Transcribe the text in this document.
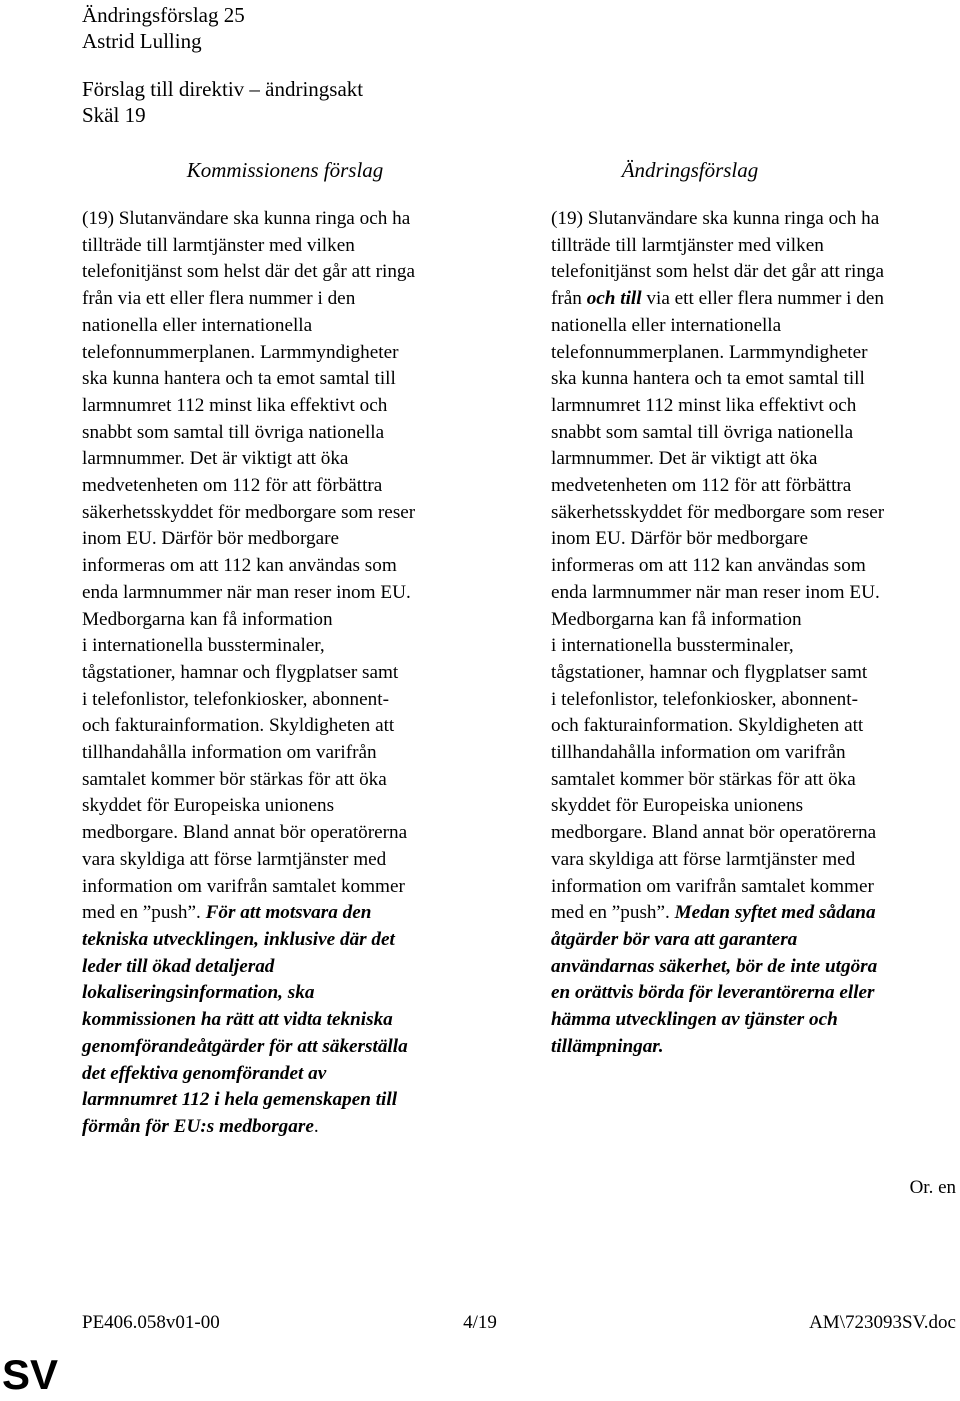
Ändringsförslag 25
Astrid Lulling
Förslag till direktiv – ändringsakt
Skäl 19
Kommissionens förslag	Ändringsförslag
(19) Slutanvändare ska kunna ringa och ha
tillträde till larmtjänster med vilken
telefonitjänst som helst där det går att ringa
från via ett eller flera nummer i den
nationella eller internationella
telefonnummerplanen. Larmmyndigheter
ska kunna hantera och ta emot samtal till
larmnumret 112 minst lika effektivt och
snabbt som samtal till övriga nationella
larmnummer. Det är viktigt att öka
medvetenheten om 112 för att förbättra
säkerhetsskyddet för medborgare som reser
inom EU. Därför bör medborgare
informeras om att 112 kan användas som
enda larmnummer när man reser inom EU.
Medborgarna kan få information
i internationella bussterminaler,
tågstationer, hamnar och flygplatser samt
i telefonlistor, telefonkiosker, abonnent-
och fakturainformation. Skyldigheten att
tillhandahålla information om varifrån
samtalet kommer bör stärkas för att öka
skyddet för Europeiska unionens
medborgare. Bland annat bör operatörerna
vara skyldiga att förse larmtjänster med
information om varifrån samtalet kommer
med en ”push”. För att motsvara den
tekniska utvecklingen, inklusive där det
leder till ökad detaljerad
lokaliseringsinformation, ska
kommissionen ha rätt att vidta tekniska
genomförandeåtgärder för att säkerställa
det effektiva genomförandet av
larmnumret 112 i hela gemenskapen till
förmån för EU:s medborgare.
(19) Slutanvändare ska kunna ringa och ha
tillträde till larmtjänster med vilken
telefonitjänst som helst där det går att ringa
från och till via ett eller flera nummer i den
nationella eller internationella
telefonnummerplanen. Larmmyndigheter
ska kunna hantera och ta emot samtal till
larmnumret 112 minst lika effektivt och
snabbt som samtal till övriga nationella
larmnummer. Det är viktigt att öka
medvetenheten om 112 för att förbättra
säkerhetsskyddet för medborgare som reser
inom EU. Därför bör medborgare
informeras om att 112 kan användas som
enda larmnummer när man reser inom EU.
Medborgarna kan få information
i internationella bussterminaler,
tågstationer, hamnar och flygplatser samt
i telefonlistor, telefonkiosker, abonnent-
och fakturainformation. Skyldigheten att
tillhandahålla information om varifrån
samtalet kommer bör stärkas för att öka
skyddet för Europeiska unionens
medborgare. Bland annat bör operatörerna
vara skyldiga att förse larmtjänster med
information om varifrån samtalet kommer
med en ”push”. Medan syftet med sådana
åtgärder bör vara att garantera
användarnas säkerhet, bör de inte utgöra
en orättvis börda för leverantörerna eller
hämma utvecklingen av tjänster och
tillämpningar.
Or. en
PE406.058v01-00	4/19	AM\723093SV.doc
SV
